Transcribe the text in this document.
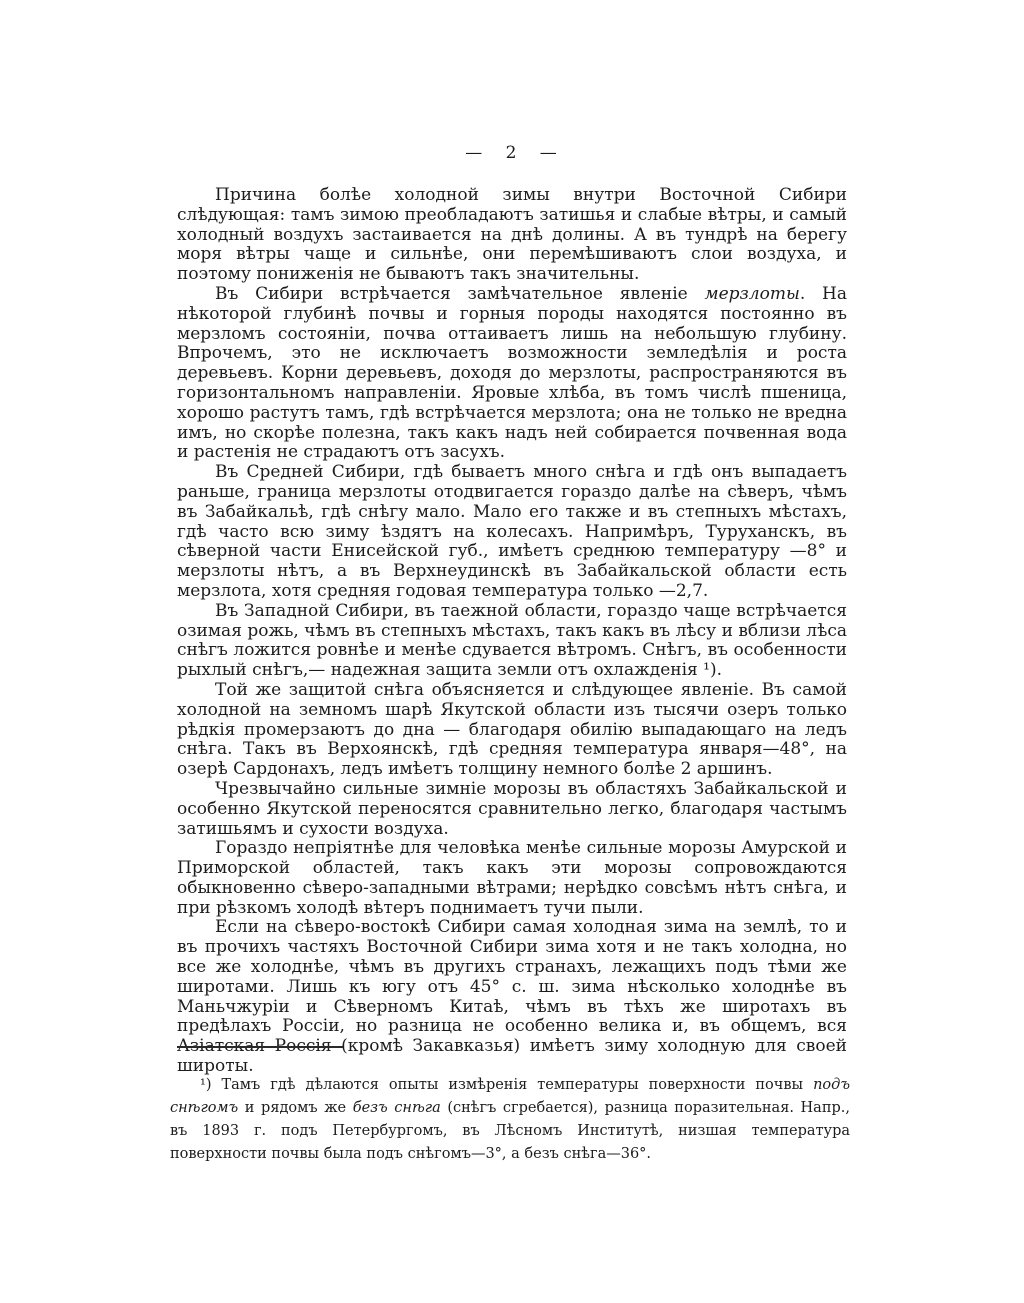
— 2 —

Причина болѣе холодной зимы внутри Восточной Сибири слѣдующая: тамъ зимою преобладаютъ затишья и слабые вѣтры, и самый холодный воздухъ застаивается на днѣ долины. А въ тундрѣ на берегу моря вѣтры чаще и сильнѣе, они перемѣшиваютъ слои воздуха, и поэтому пониженія не бываютъ такъ значительны.

Въ Сибири встрѣчается замѣчательное явленіе мерзлоты. На нѣкоторой глубинѣ почвы и горныя породы находятся постоянно въ мерзломъ состояніи, почва оттаиваетъ лишь на небольшую глубину. Впрочемъ, это не исключаетъ возможности земледѣлія и роста деревьевъ. Корни деревьевъ, доходя до мерзлоты, распространяются въ горизонтальномъ направленіи. Яровые хлѣба, въ томъ числѣ пшеница, хорошо растутъ тамъ, гдѣ встрѣчается мерзлота; она не только не вредна имъ, но скорѣе полезна, такъ какъ надъ ней собирается почвенная вода и растенія не страдаютъ отъ засухъ.

Въ Средней Сибири, гдѣ бываетъ много снѣга и гдѣ онъ выпадаетъ раньше, граница мерзлоты отодвигается гораздо далѣе на сѣверъ, чѣмъ въ Забайкальѣ, гдѣ снѣгу мало. Мало его также и въ степныхъ мѣстахъ, гдѣ часто всю зиму ѣздятъ на колесахъ. Напримѣръ, Туруханскъ, въ сѣверной части Енисейской губ., имѣетъ среднюю температуру —8° и мерзлоты нѣтъ, а въ Верхнеудинскѣ въ Забайкальской области есть мерзлота, хотя средняя годовая температура только —2,7.

Въ Западной Сибири, въ таежной области, гораздо чаще встрѣчается озимая рожь, чѣмъ въ степныхъ мѣстахъ, такъ какъ въ лѣсу и вблизи лѣса снѣгъ ложится ровнѣе и менѣе сдувается вѣтромъ. Снѣгъ, въ особенности рыхлый снѣгъ,— надежная защита земли отъ охлажденія ¹).

Той же защитой снѣга объясняется и слѣдующее явленіе. Въ самой холодной на земномъ шарѣ Якутской области изъ тысячи озеръ только рѣдкія промерзаютъ до дна — благодаря обилію выпадающаго на ледъ снѣга. Такъ въ Верхоянскѣ, гдѣ средняя температура января—48°, на озерѣ Сардонахъ, ледъ имѣетъ толщину немного болѣе 2 аршинъ.

Чрезвычайно сильные зимніе морозы въ областяхъ Забайкальской и особенно Якутской переносятся сравнительно легко, благодаря частымъ затишьямъ и сухости воздуха.

Гораздо непріятнѣе для человѣка менѣе сильные морозы Амурской и Приморской областей, такъ какъ эти морозы сопровождаются обыкновенно сѣверо-западными вѣтрами; нерѣдко совсѣмъ нѣтъ снѣга, и при рѣзкомъ холодѣ вѣтеръ поднимаетъ тучи пыли.

Если на сѣверо-востокѣ Сибири самая холодная зима на землѣ, то и въ прочихъ частяхъ Восточной Сибири зима хотя и не такъ холодна, но все же холоднѣе, чѣмъ въ другихъ странахъ, лежащихъ подъ тѣми же широтами. Лишь къ югу отъ 45° с. ш. зима нѣсколько холоднѣе въ Маньчжуріи и Сѣверномъ Китаѣ, чѣмъ въ тѣхъ же широтахъ въ предѣлахъ Россіи, но разница не особенно велика и, въ общемъ, вся Азіатская Россія (кромѣ Закавказья) имѣетъ зиму холодную для своей широты.

¹) Тамъ гдѣ дѣлаются опыты измѣренія температуры поверхности почвы подъ снѣгомъ и рядомъ же безъ снѣга (снѣгъ сгребается), разница поразительная. Напр., въ 1893 г. подъ Петербургомъ, въ Лѣсномъ Институтѣ, низшая температура поверхности почвы была подъ снѣгомъ—3°, а безъ снѣга—36°.
